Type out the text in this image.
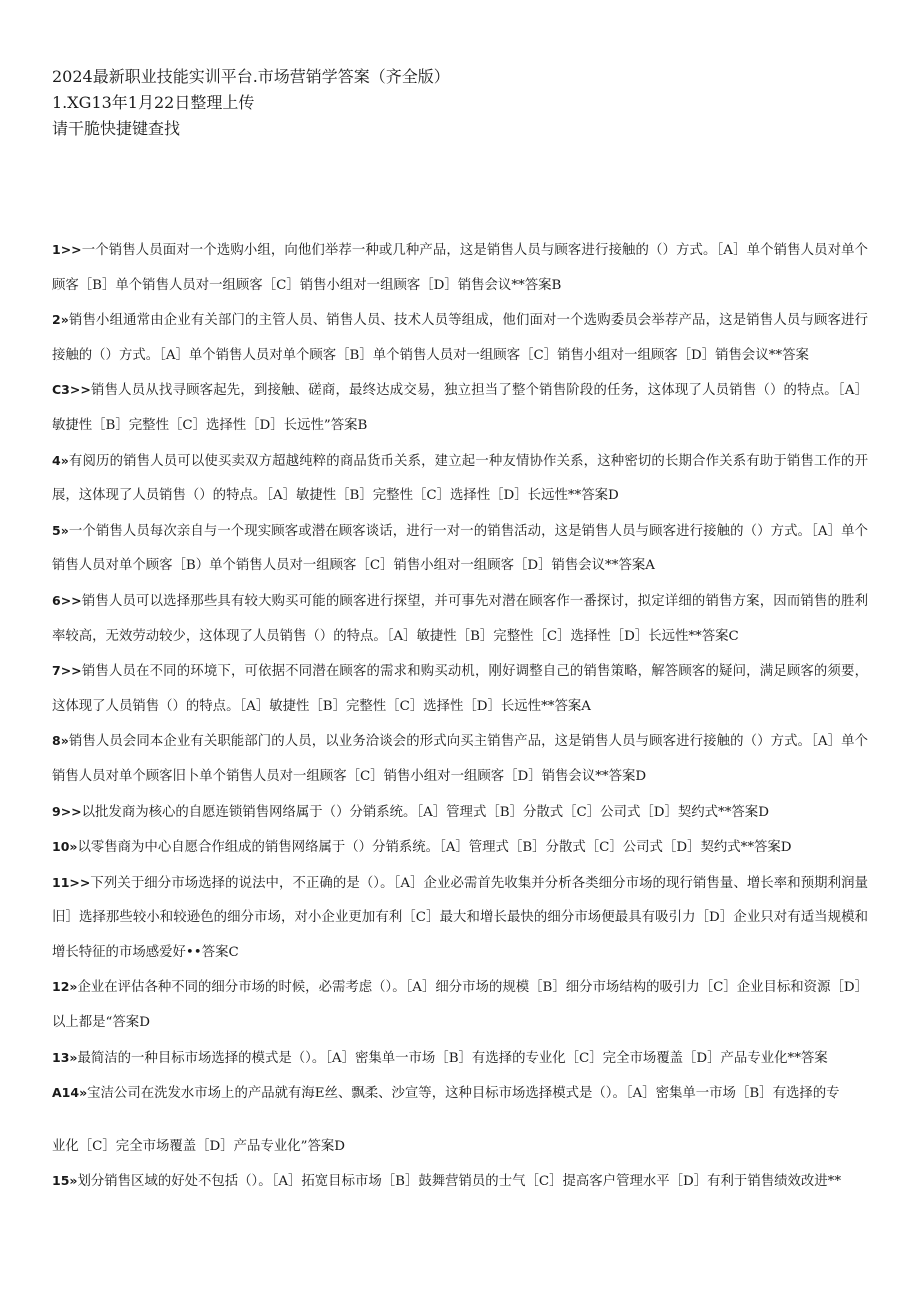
2024最新职业技能实训平台.市场营销学答案（齐全版）
1.XG13年1月22日整理上传
请干脆快捷键查找

1>>一个销售人员面对一个选购小组，向他们举荐一种或几种产品，这是销售人员与顾客进行接触的（）方式。［A］单个销售人员对单个顾客［B］单个销售人员对一组顾客［C］销售小组对一组顾客［D］销售会议**答案B

2»销售小组通常由企业有关部门的主管人员、销售人员、技术人员等组成，他们面对一个选购委员会举荐产品，这是销售人员与顾客进行接触的（）方式。［A］单个销售人员对单个顾客［B］单个销售人员对一组顾客［C］销售小组对一组顾客［D］销售会议**答案

C3>>销售人员从找寻顾客起先，到接触、磋商，最终达成交易，独立担当了整个销售阶段的任务，这体现了人员销售（）的特点。［A］敏捷性［B］完整性［C］选择性［D］长远性”答案B

4»有阅历的销售人员可以使买卖双方超越纯粹的商品货币关系，建立起一种友情协作关系，这种密切的长期合作关系有助于销售工作的开展，这体现了人员销售（）的特点。［A］敏捷性［B］完整性［C］选择性［D］长远性**答案D

5»一个销售人员每次亲自与一个现实顾客或潜在顾客谈话，进行一对一的销售活动，这是销售人员与顾客进行接触的（）方式。［A］单个销售人员对单个顾客［B）单个销售人员对一组顾客［C］销售小组对一组顾客［D］销售会议**答案A

6>>销售人员可以选择那些具有较大购买可能的顾客进行探望，并可事先对潜在顾客作一番探讨，拟定详细的销售方案，因而销售的胜利率较高，无效劳动较少，这体现了人员销售（）的特点。［A］敏捷性［B］完整性［C］选择性［D］长远性**答案C

7>>销售人员在不同的环境下，可依据不同潜在顾客的需求和购买动机，刚好调整自己的销售策略，解答顾客的疑问，满足顾客的须要，这体现了人员销售（）的特点。［A］敏捷性［B］完整性［C］选择性［D］长远性**答案A

8»销售人员会同本企业有关职能部门的人员，以业务洽谈会的形式向买主销售产品，这是销售人员与顾客进行接触的（）方式。［A］单个销售人员对单个顾客旧卜单个销售人员对一组顾客［C］销售小组对一组顾客［D］销售会议**答案D

9>>以批发商为核心的自愿连锁销售网络属于（）分销系统。［A］管理式［B］分散式［C］公司式［D］契约式**答案D

10»以零售商为中心自愿合作组成的销售网络属于（）分销系统。［A］管理式［B］分散式［C］公司式［D］契约式**答案D

11>>下列关于细分市场选择的说法中，不正确的是（）。［A］企业必需首先收集并分析各类细分市场的现行销售量、增长率和预期利润量旧］选择那些较小和较逊色的细分市场，对小企业更加有利［C］最大和增长最快的细分市场便最具有吸引力［D］企业只对有适当规模和增长特征的市场感爱好••答案C

12»企业在评估各种不同的细分市场的时候，必需考虑（）。［A］细分市场的规模［B］细分市场结构的吸引力［C］企业目标和资源［D］以上都是“答案D

13»最简洁的一种目标市场选择的模式是（）。［A］密集单一市场［B］有选择的专业化［C］完全市场覆盖［D］产品专业化**答案

A14»宝洁公司在洗发水市场上的产品就有海E丝、飘柔、沙宣等，这种目标市场选择模式是（）。［A］密集单一市场［B］有选择的专

业化［C］完全市场覆盖［D］产品专业化”答案D

15»划分销售区域的好处不包括（）。［A］拓宽目标市场［B］鼓舞营销员的士气［C］提高客户管理水平［D］有利于销售绩效改进**
